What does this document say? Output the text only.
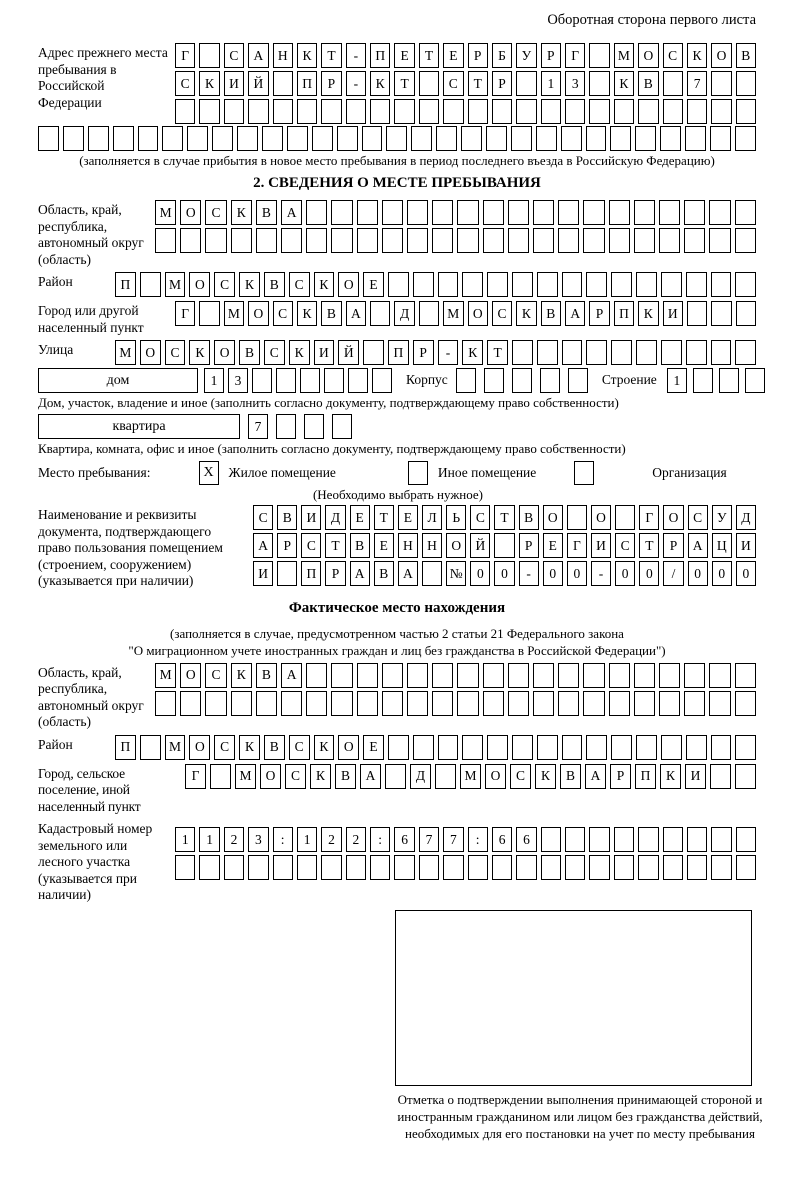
Оборотная сторона первого листа
Адрес прежнего места пребывания в Российской Федерации
Г	С	А	Н	К	Т	-	П	Е	Т	Е	Р	Б	У	Р	Г	М	О	С	К	О	В
С	К	И	Й	П	Р	-	К	Т	С	Т	Р	1	3	К	В	7
(заполняется в случае прибытия в новое место пребывания в период последнего въезда в Российскую Федерацию)
2. СВЕДЕНИЯ О МЕСТЕ ПРЕБЫВАНИЯ
Область, край, республика, автономный округ (область)
М	О	С	К	В	А
Район	П	М	О	С	К	В	С	К	О	Е
Город или другой населенный пункт
Г	М	О	С	К	В	А	Д	М	О	С	К	В	А	Р	П	К	И
Улица	М	О	С	К	О	В	С	К	И	Й	П	Р	-	К	Т
дом	1	3	Корпус	Строение	1
Дом, участок, владение и иное (заполнить согласно документу, подтверждающему право собственности)
квартира	7
Квартира, комната, офис и иное (заполнить согласно документу, подтверждающему право собственности)
Место пребывания:	X	Жилое помещение	Иное помещение	Организация
(Необходимо выбрать нужное)
Наименование и реквизиты документа, подтверждающего право пользования помещением (строением, сооружением) (указывается при наличии)
С	В	И	Д	Е	Т	Е	Л	Ь	С	Т	В	О	О	Г	О	С	У	Д
А	Р	С	Т	В	Е	Н	Н	О	Й	Р	Е	Г	И	С	Т	Р	А	Ц	И
И	П	Р	А	В	А	№	0	0	-	0	0	-	0	0	/	0	0	0
Фактическое место нахождения
(заполняется в случае, предусмотренном частью 2 статьи 21 Федерального закона
"О миграционном учете иностранных граждан и лиц без гражданства в Российской Федерации")
Область, край, республика, автономный округ (область)
М	О	С	К	В	А
Район	П	М	О	С	К	В	С	К	О	Е
Город, сельское поселение, иной населенный пункт
Г	М	О	С	К	В	А	Д	М	О	С	К	В	А	Р	П	К	И
Кадастровый номер земельного или лесного участка (указывается при наличии)
1	1	2	3	:	1	2	2	:	6	7	7	:	6	6
Отметка о подтверждении выполнения принимающей стороной и иностранным гражданином или лицом без гражданства действий, необходимых для его постановки на учет по месту пребывания
